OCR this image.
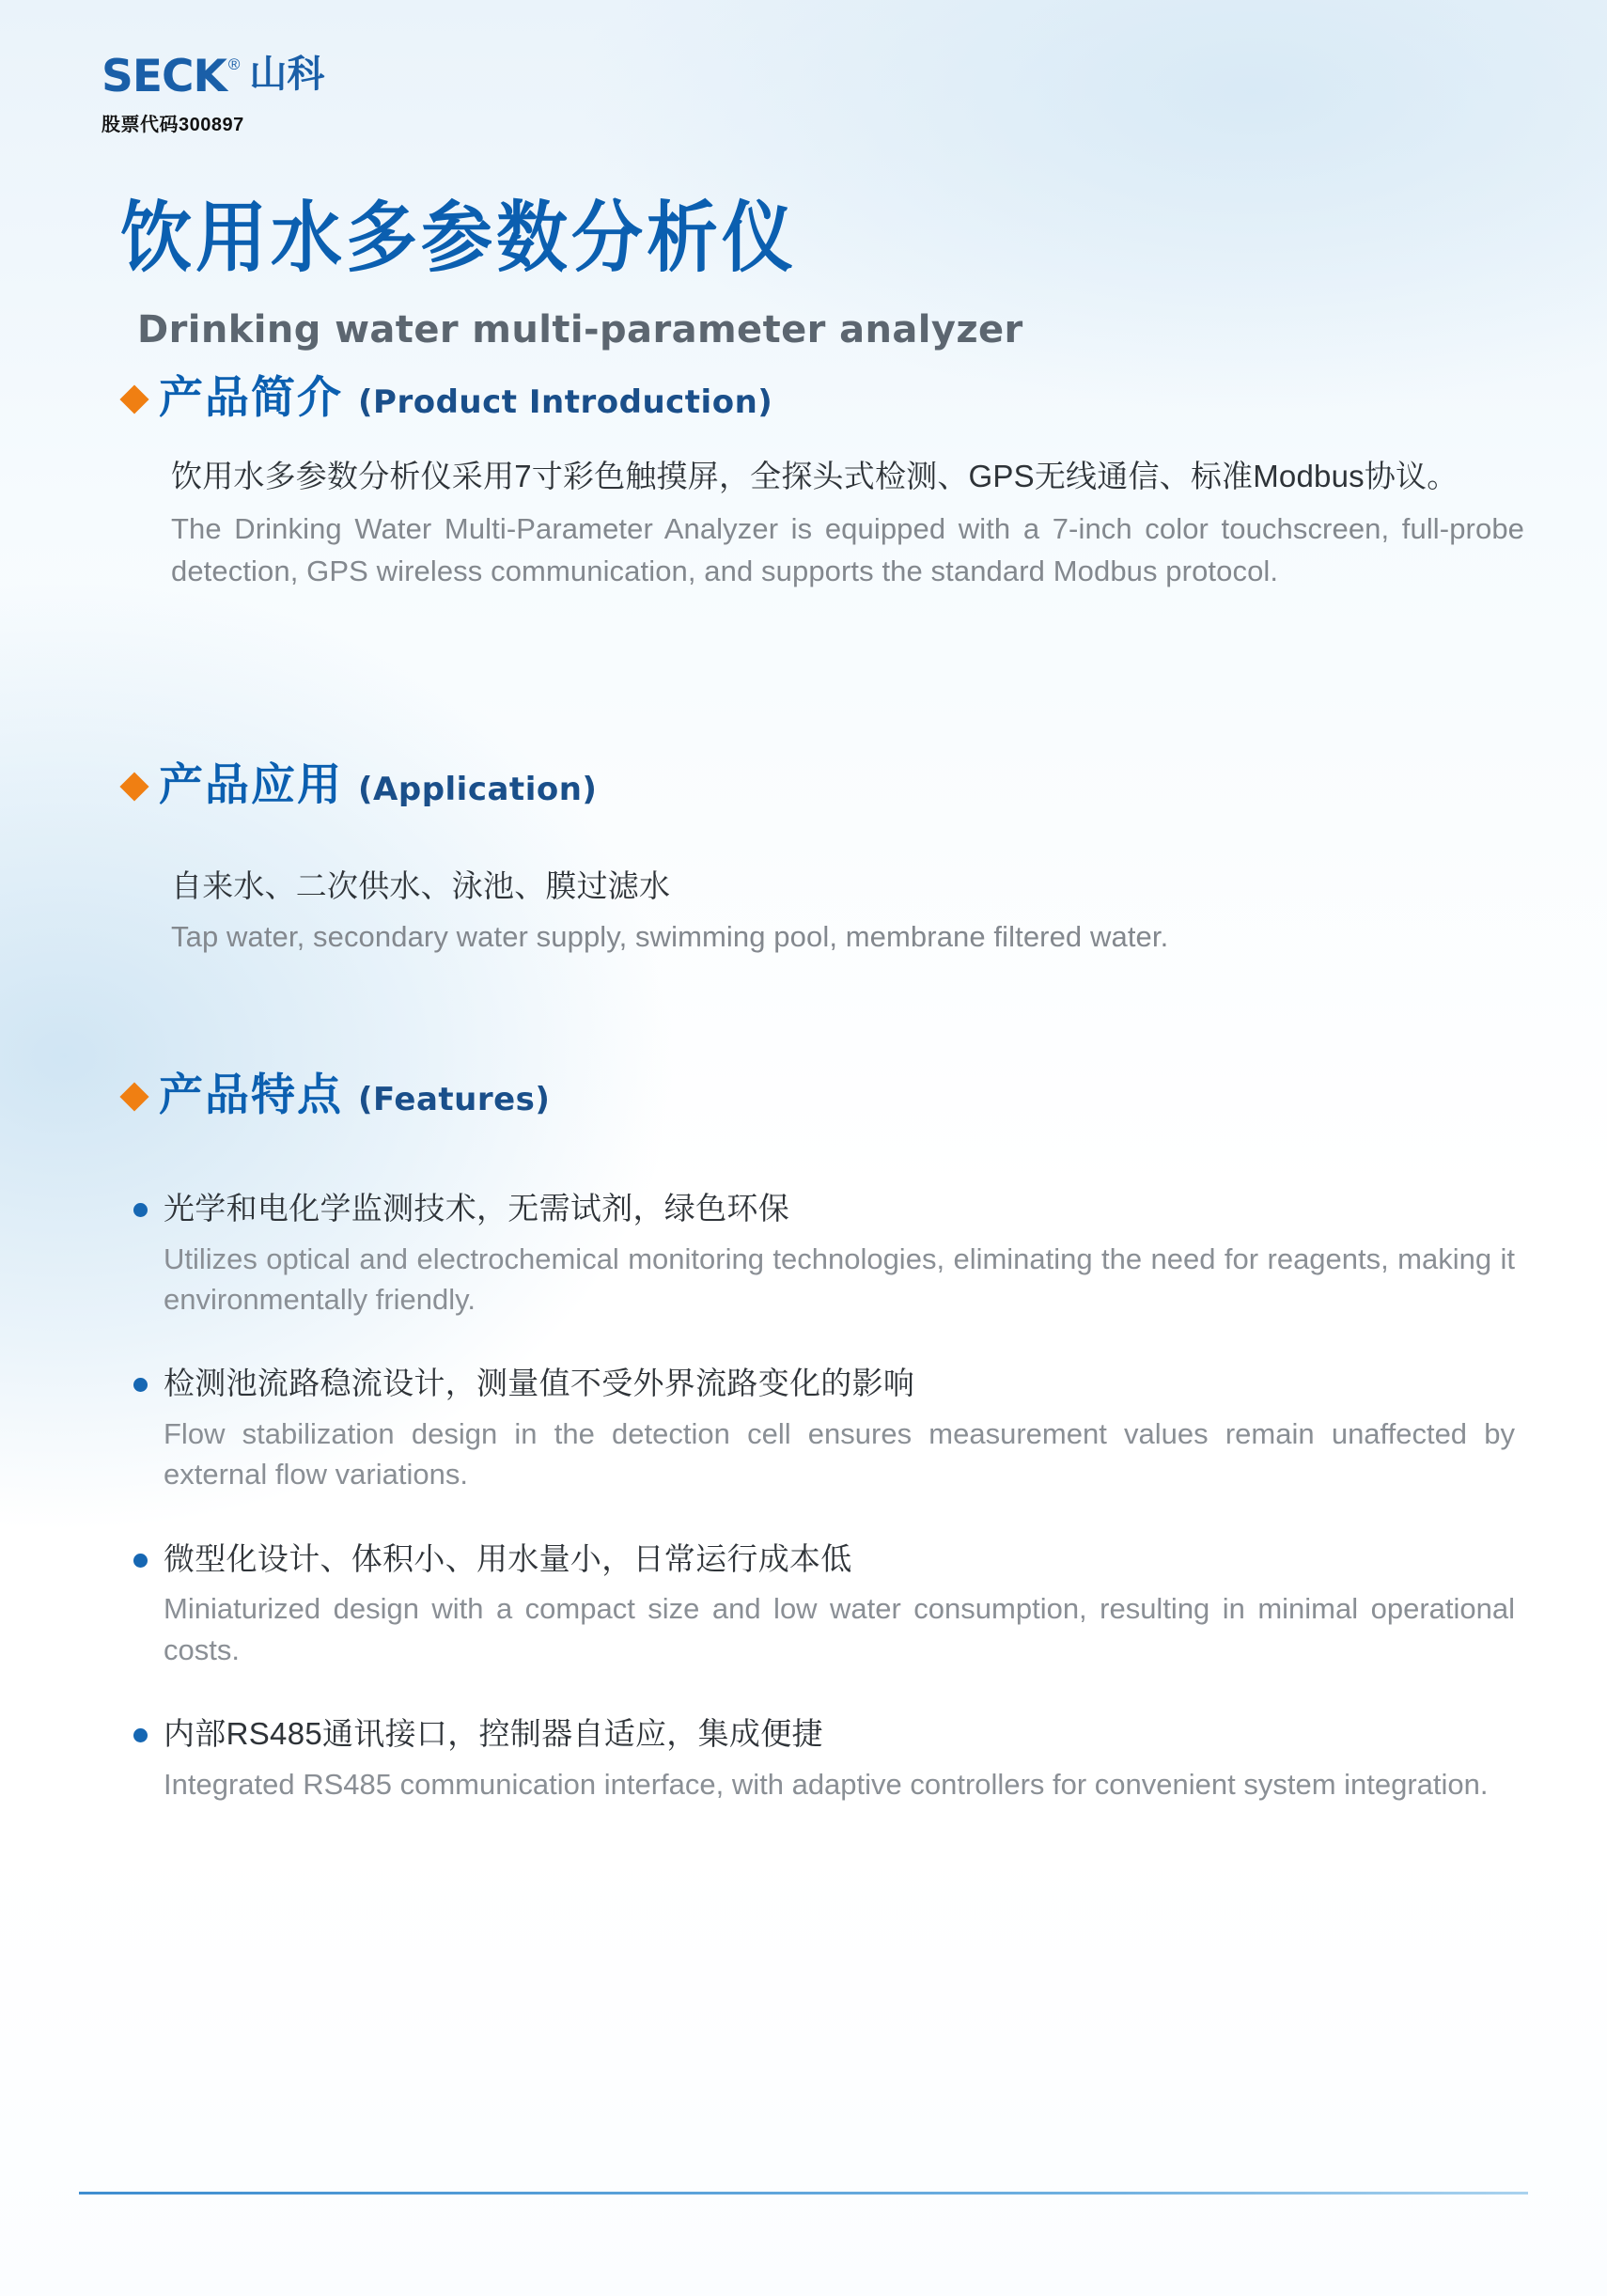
SECK ® 山科
股票代码300897
饮用水多参数分析仪
Drinking water multi-parameter analyzer
产品简介 (Product Introduction)
饮用水多参数分析仪采用7寸彩色触摸屏，全探头式检测、GPS无线通信、标准Modbus协议。
The Drinking Water Multi-Parameter Analyzer is equipped with a 7-inch color touchscreen, full-probe detection, GPS wireless communication, and supports the standard Modbus protocol.
产品应用 (Application)
自来水、二次供水、泳池、膜过滤水
Tap water, secondary water supply, swimming pool, membrane filtered water.
产品特点 (Features)
光学和电化学监测技术，无需试剂，绿色环保
Utilizes optical and electrochemical monitoring technologies, eliminating the need for reagents, making it environmentally friendly.
检测池流路稳流设计，测量值不受外界流路变化的影响
Flow stabilization design in the detection cell ensures measurement values remain unaffected by external flow variations.
微型化设计、体积小、用水量小，日常运行成本低
Miniaturized design with a compact size and low water consumption, resulting in minimal operational costs.
内部RS485通讯接口，控制器自适应，集成便捷
Integrated RS485 communication interface, with adaptive controllers for convenient system integration.
